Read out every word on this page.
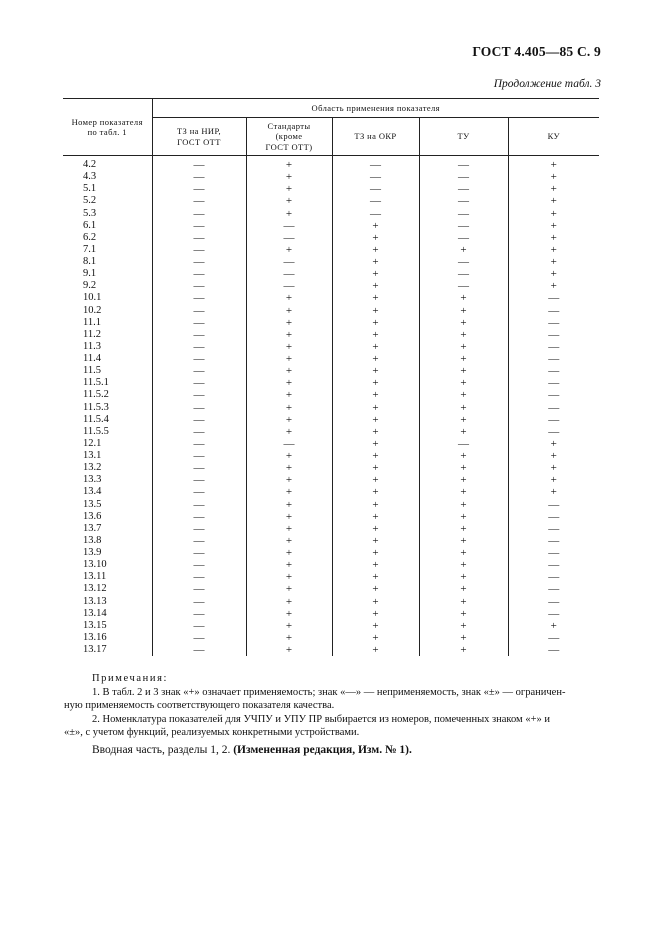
ГОСТ 4.405—85 С. 9
Продолжение табл. 3
Номер показателя по табл. 1	Область применения показателя				

	ТЗ на НИР, ГОСТ ОТТ	Стандарты (кроме ГОСТ ОТТ)	ТЗ на ОКР	ТУ	КУ
4.2	—	+	—	—	+
4.3	—	+	—	—	+
5.1	—	+	—	—	+
5.2	—	+	—	—	+
5.3	—	+	—	—	+
6.1	—	—	+	—	+
6.2	—	—	+	—	+
7.1	—	+	+	+	+
8.1	—	—	+	—	+
9.1	—	—	+	—	+
9.2	—	—	+	—	+
10.1	—	+	+	+	—
10.2	—	+	+	+	—
11.1	—	+	+	+	—
11.2	—	+	+	+	—
11.3	—	+	+	+	—
11.4	—	+	+	+	—
11.5	—	+	+	+	—
11.5.1	—	+	+	+	—
11.5.2	—	+	+	+	—
11.5.3	—	+	+	+	—
11.5.4	—	+	+	+	—
11.5.5	—	+	+	+	—
12.1	—	—	+	—	+
13.1	—	+	+	+	+
13.2	—	+	+	+	+
13.3	—	+	+	+	+
13.4	—	+	+	+	+
13.5	—	+	+	+	—
13.6	—	+	+	+	—
13.7	—	+	+	+	—
13.8	—	+	+	+	—
13.9	—	+	+	+	—
13.10	—	+	+	+	—
13.11	—	+	+	+	—
13.12	—	+	+	+	—
13.13	—	+	+	+	—
13.14	—	+	+	+	—
13.15	—	+	+	+	+
13.16	—	+	+	+	—
13.17	—	+	+	+	—

Примечания:

1. В табл. 2 и 3 знак «+» означает применяемость; знак «—» — неприменяемость, знак «±» — ограничен-

ную применяемость соответствующего показателя качества.

2. Номенклатура показателей для УЧПУ и УПУ ПР выбирается из номеров, помеченных знаком «+» и

«±», с учетом функций, реализуемых конкретными устройствами.

Вводная часть, разделы 1, 2. (Измененная редакция, Изм. № 1).
